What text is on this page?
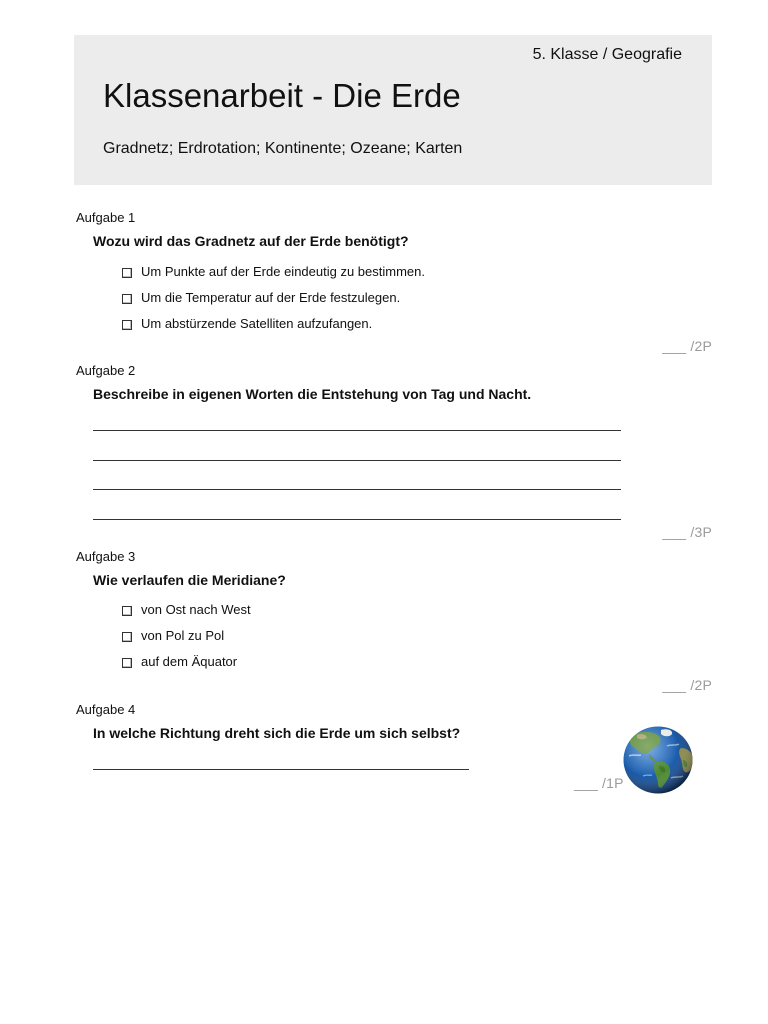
5. Klasse / Geografie
Klassenarbeit - Die Erde
Gradnetz; Erdrotation; Kontinente; Ozeane; Karten
Aufgabe 1
Wozu wird das Gradnetz auf der Erde benötigt?
Um Punkte auf der Erde eindeutig zu bestimmen.
Um die Temperatur auf der Erde festzulegen.
Um abstürzende Satelliten aufzufangen.
___ /2P
Aufgabe 2
Beschreibe in eigenen Worten die Entstehung von Tag und Nacht.
___ /3P
Aufgabe 3
Wie verlaufen die Meridiane?
von Ost nach West
von Pol zu Pol
auf dem Äquator
___ /2P
Aufgabe 4
In welche Richtung dreht sich die Erde um sich selbst?
___ /1P
